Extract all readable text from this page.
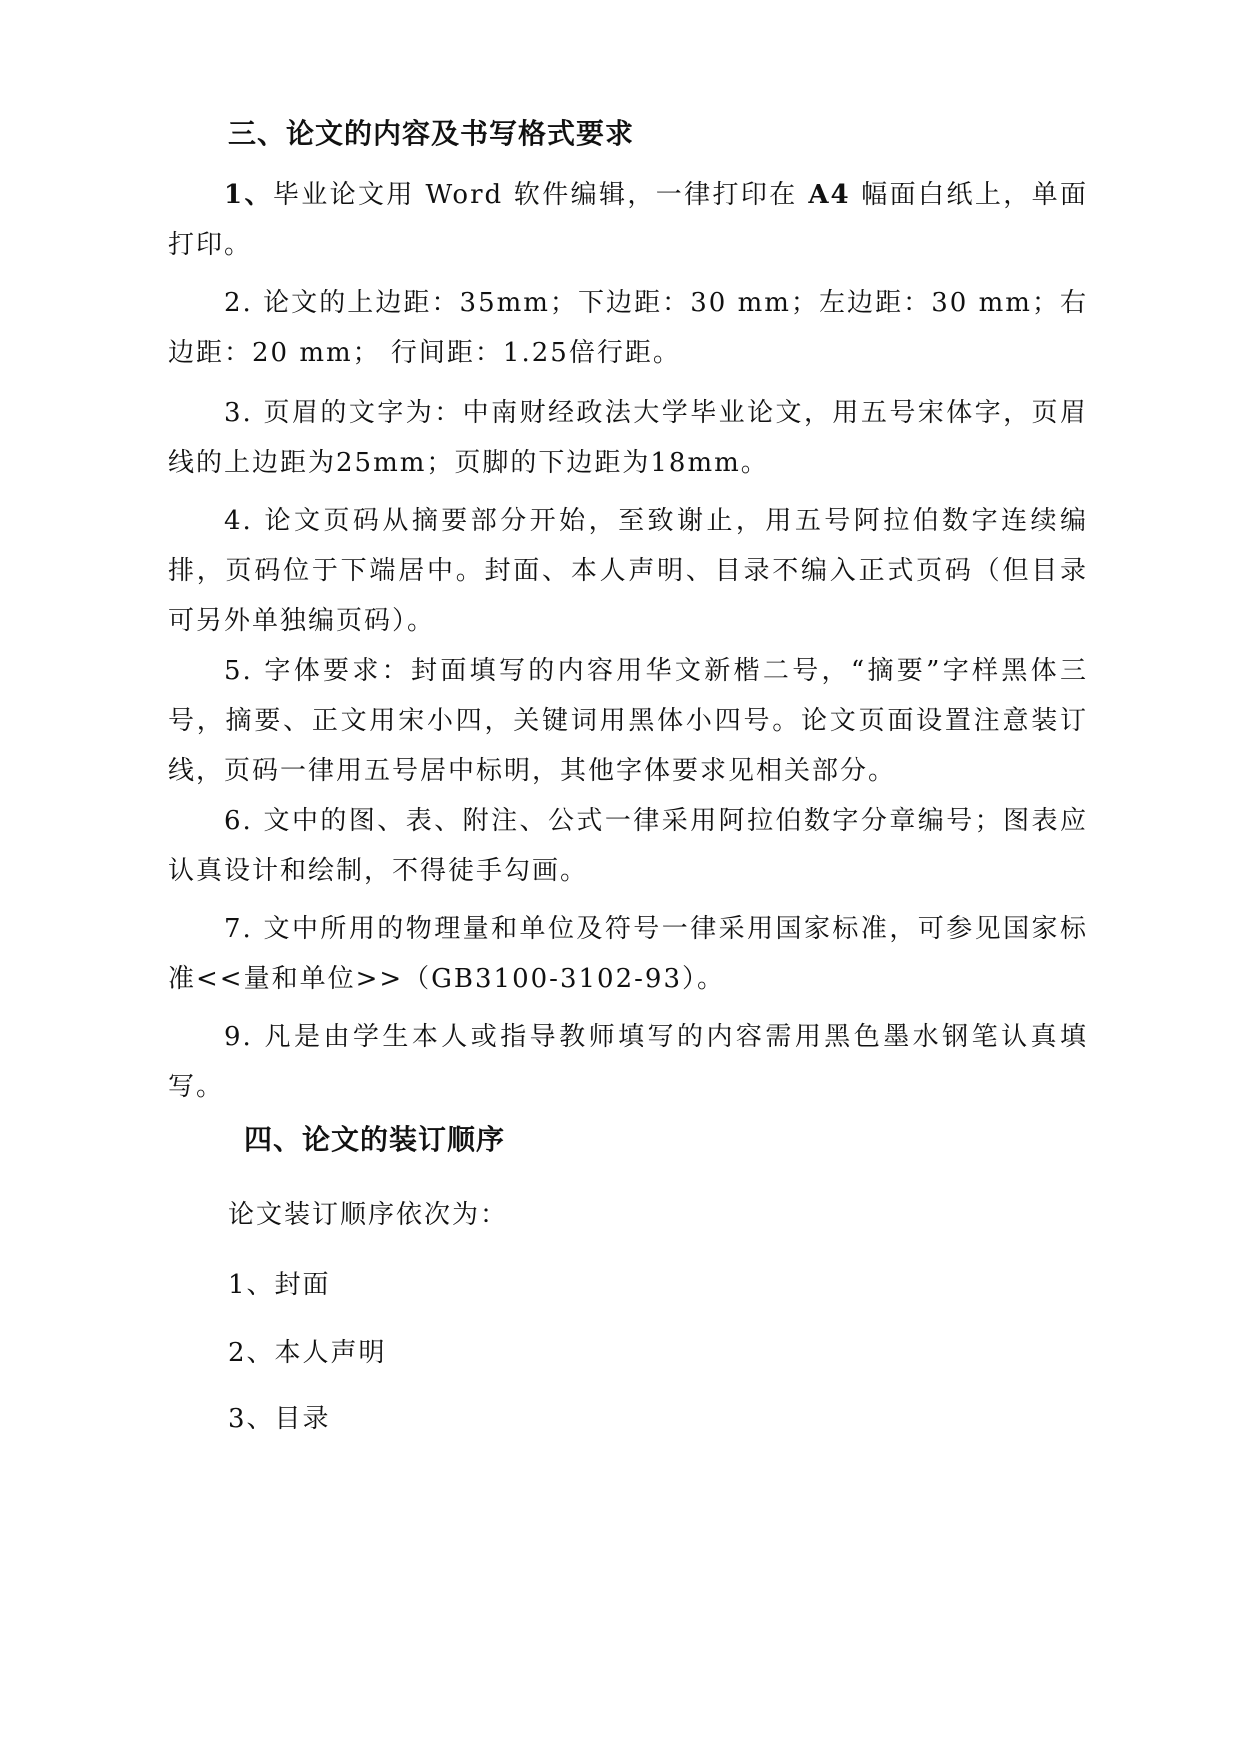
三、论文的内容及书写格式要求

1、毕业论文用 Word 软件编辑，一律打印在 A4 幅面白纸上，单面打印。

2. 论文的上边距：35mm；下边距：30 mm；左边距：30 mm；右边距：20 mm； 行间距：1.25倍行距。

3. 页眉的文字为：中南财经政法大学毕业论文，用五号宋体字，页眉线的上边距为25mm；页脚的下边距为18mm。

4. 论文页码从摘要部分开始，至致谢止，用五号阿拉伯数字连续编排，页码位于下端居中。封面、本人声明、目录不编入正式页码（但目录可另外单独编页码）。

5. 字体要求：封面填写的内容用华文新楷二号，“摘要”字样黑体三号，摘要、正文用宋小四，关键词用黑体小四号。论文页面设置注意装订线，页码一律用五号居中标明，其他字体要求见相关部分。

6. 文中的图、表、附注、公式一律采用阿拉伯数字分章编号；图表应认真设计和绘制，不得徒手勾画。

7. 文中所用的物理量和单位及符号一律采用国家标准，可参见国家标准<<量和单位>>（GB3100-3102-93）。

9. 凡是由学生本人或指导教师填写的内容需用黑色墨水钢笔认真填写。

四、论文的装订顺序
论文装订顺序依次为：
1、封面
2、本人声明
3、目录
